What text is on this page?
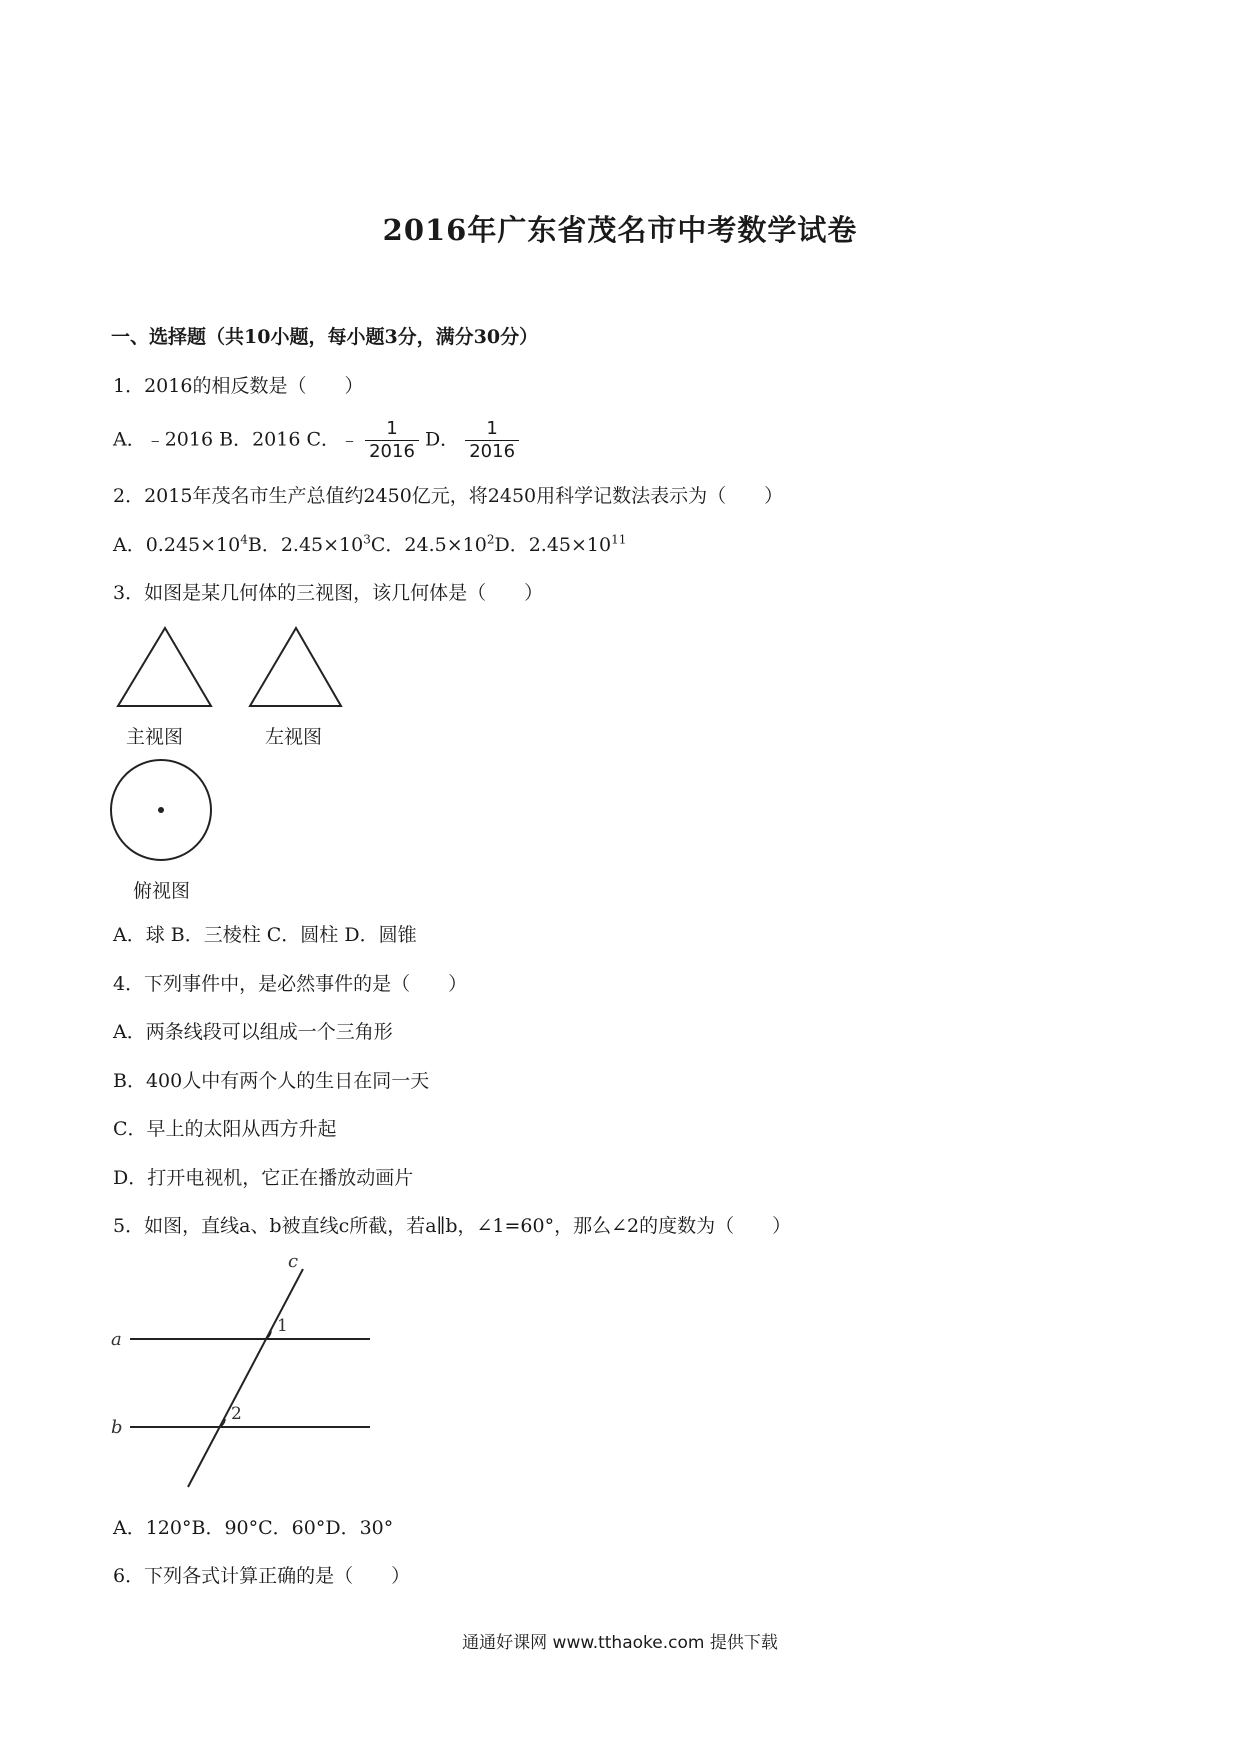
2016年广东省茂名市中考数学试卷
一、选择题（共10小题，每小题3分，满分30分）
1．2016的相反数是（　　）
A．﹣2016 B．2016 C．﹣ $\frac{1}{2016}$ D． $\frac{1}{2016}$
2．2015年茂名市生产总值约2450亿元，将2450用科学记数法表示为（　　）
A．$0.245\times 10^4B$．$2.45\times 10^3C$．$24.5\times 10^2D$．$2.45\times 10^{11}$
3．如图是某几何体的三视图，该几何体是（　　）
主视图	左视图
俯视图
A．球 B．三棱柱 C．圆柱 D．圆锥
4．下列事件中，是必然事件的是（　　）
A．两条线段可以组成一个三角形
B．400人中有两个人的生日在同一天
C．早上的太阳从西方升起
D．打开电视机，它正在播放动画片
5．如图，直线a、b被直线c所截，若a∥b，∠1=60°，那么∠2的度数为（　　）
a
b
c
1
2
A．120°B．90°C．60°D．30°
6．下列各式计算正确的是（　　）
通通好课网 www.tthaoke.com 提供下载
